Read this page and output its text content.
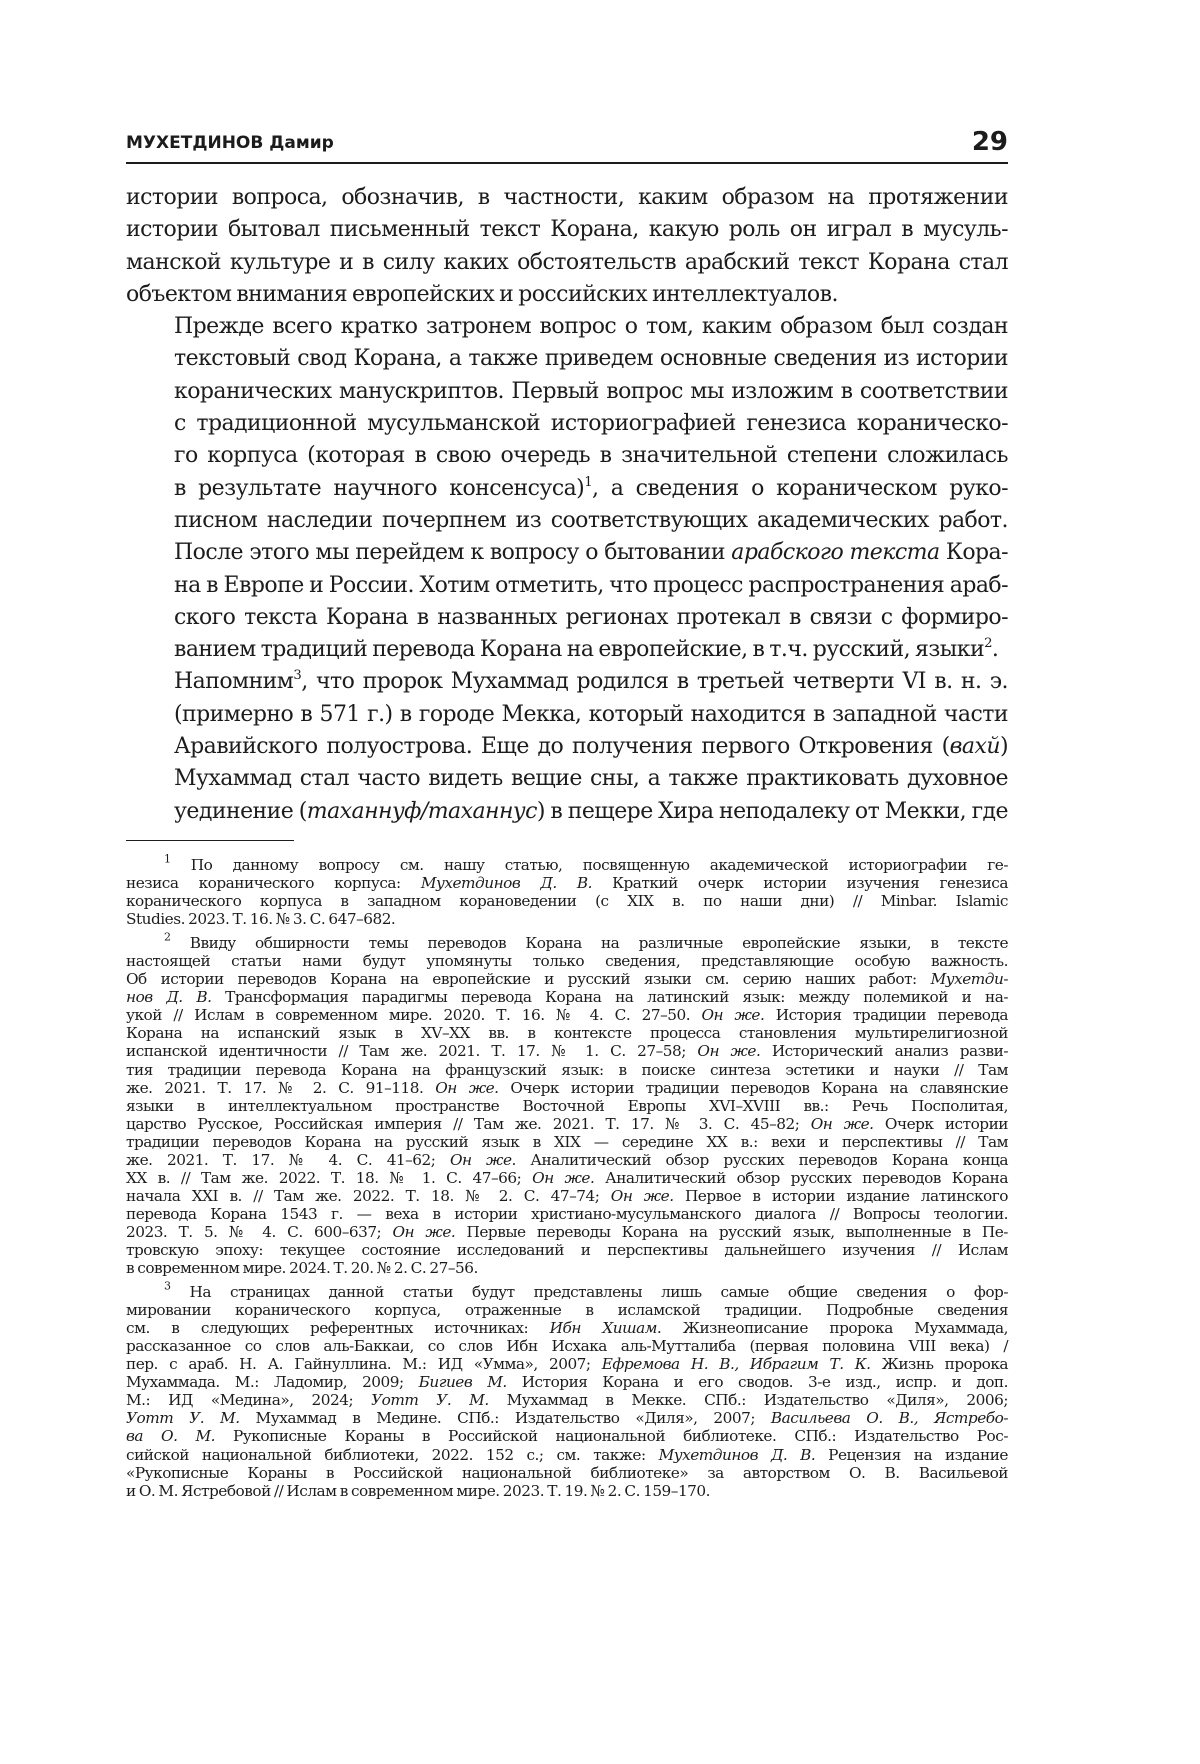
МУХЕТДИНОВ Дамир	29

истории вопроса, обозначив, в частности, каким образом на протяжении
истории бытовал письменный текст Корана, какую роль он играл в мусуль-
манской культуре и в силу каких обстоятельств арабский текст Корана стал
объектом внимания европейских и российских интеллектуалов.

Прежде всего кратко затронем вопрос о том, каким образом был создан
текстовый свод Корана, а также приведем основные сведения из истории
коранических манускриптов. Первый вопрос мы изложим в соответствии
с традиционной мусульманской историографией генезиса кораническо-
го корпуса (которая в свою очередь в значительной степени сложилась
в результате научного консенсуса)$^1$, а сведения о кораническом руко-
писном наследии почерпнем из соответствующих академических работ.
После этого мы перейдем к вопросу о бытовании арабского текста Кора-
на в Европе и России. Хотим отметить, что процесс распространения араб-
ского текста Корана в названных регионах протекал в связи с формиро-
ванием традиций перевода Корана на европейские, в т.ч. русский, языки$^2$.

Напомним$^3$, что пророк Мухаммад родился в третьей четверти VI в. н. э.
(примерно в 571 г.) в городе Мекка, который находится в западной части
Аравийского полуострова. Еще до получения первого Откровения (вахй)
Мухаммад стал часто видеть вещие сны, а также практиковать духовное
уединение (таханнуф/таханнус) в пещере Хира неподалеку от Мекки, где

$^1$ По данному вопросу см. нашу статью, посвященную академической историографии ге-
незиса коранического корпуса: Мухетдинов Д. В. Краткий очерк истории изучения генезиса
коранического корпуса в западном корановедении (с XIX в. по наши дни) // Minbar. Islamic
Studies. 2023. Т. 16. № 3. С. 647–682.
$^2$ Ввиду обширности темы переводов Корана на различные европейские языки, в тексте
настоящей статьи нами будут упомянуты только сведения, представляющие особую важность.
Об истории переводов Корана на европейские и русский языки см. серию наших работ: Мухетди-
нов Д. В. Трансформация парадигмы перевода Корана на латинский язык: между полемикой и на-
укой // Ислам в современном мире. 2020. Т. 16. № 4. С. 27–50. Он же. История традиции перевода
Корана на испанский язык в XV–XX вв. в контексте процесса становления мультирелигиозной
испанской идентичности // Там же. 2021. Т. 17. № 1. С. 27–58; Он же. Исторический анализ разви-
тия традиции перевода Корана на французский язык: в поиске синтеза эстетики и науки // Там
же. 2021. Т. 17. № 2. С. 91–118. Он же. Очерк истории традиции переводов Корана на славянские
языки в интеллектуальном пространстве Восточной Европы XVI–XVIII вв.: Речь Посполитая,
царство Русское, Российская империя // Там же. 2021. Т. 17. № 3. С. 45–82; Он же. Очерк истории
традиции переводов Корана на русский язык в XIX — середине XX в.: вехи и перспективы // Там
же. 2021. Т. 17. № 4. С. 41–62; Он же. Аналитический обзор русских переводов Корана конца
XX в. // Там же. 2022. Т. 18. № 1. С. 47–66; Он же. Аналитический обзор русских переводов Корана
начала XXI в. // Там же. 2022. Т. 18. № 2. С. 47–74; Он же. Первое в истории издание латинского
перевода Корана 1543 г. — веха в истории христиано-мусульманского диалога // Вопросы теологии.
2023. Т. 5. № 4. С. 600–637; Он же. Первые переводы Корана на русский язык, выполненные в Пе-
тровскую эпоху: текущее состояние исследований и перспективы дальнейшего изучения // Ислам
в современном мире. 2024. Т. 20. № 2. С. 27–56.
$^3$ На страницах данной статьи будут представлены лишь самые общие сведения о фор-
мировании коранического корпуса, отраженные в исламской традиции. Подробные сведения
см. в следующих референтных источниках: Ибн Хишам. Жизнеописание пророка Мухаммада,
рассказанное со слов аль-Баккаи, со слов Ибн Исхака аль-Мутталиба (первая половина VIII века) /
пер. с араб. Н. А. Гайнуллина. М.: ИД «Умма», 2007; Ефремова Н. В., Ибрагим Т. К. Жизнь пророка
Мухаммада. М.: Ладомир, 2009; Бигиев М. История Корана и его сводов. 3-е изд., испр. и доп.
М.: ИД «Медина», 2024; Уотт У. М. Мухаммад в Мекке. СПб.: Издательство «Диля», 2006;
Уотт У. М. Мухаммад в Медине. СПб.: Издательство «Диля», 2007; Васильева О. В., Ястребо-
ва О. М. Рукописные Кораны в Российской национальной библиотеке. СПб.: Издательство Рос-
сийской национальной библиотеки, 2022. 152 с.; см. также: Мухетдинов Д. В. Рецензия на издание
«Рукописные Кораны в Российской национальной библиотеке» за авторством О. В. Васильевой
и О. М. Ястребовой // Ислам в современном мире. 2023. Т. 19. № 2. С. 159–170.
